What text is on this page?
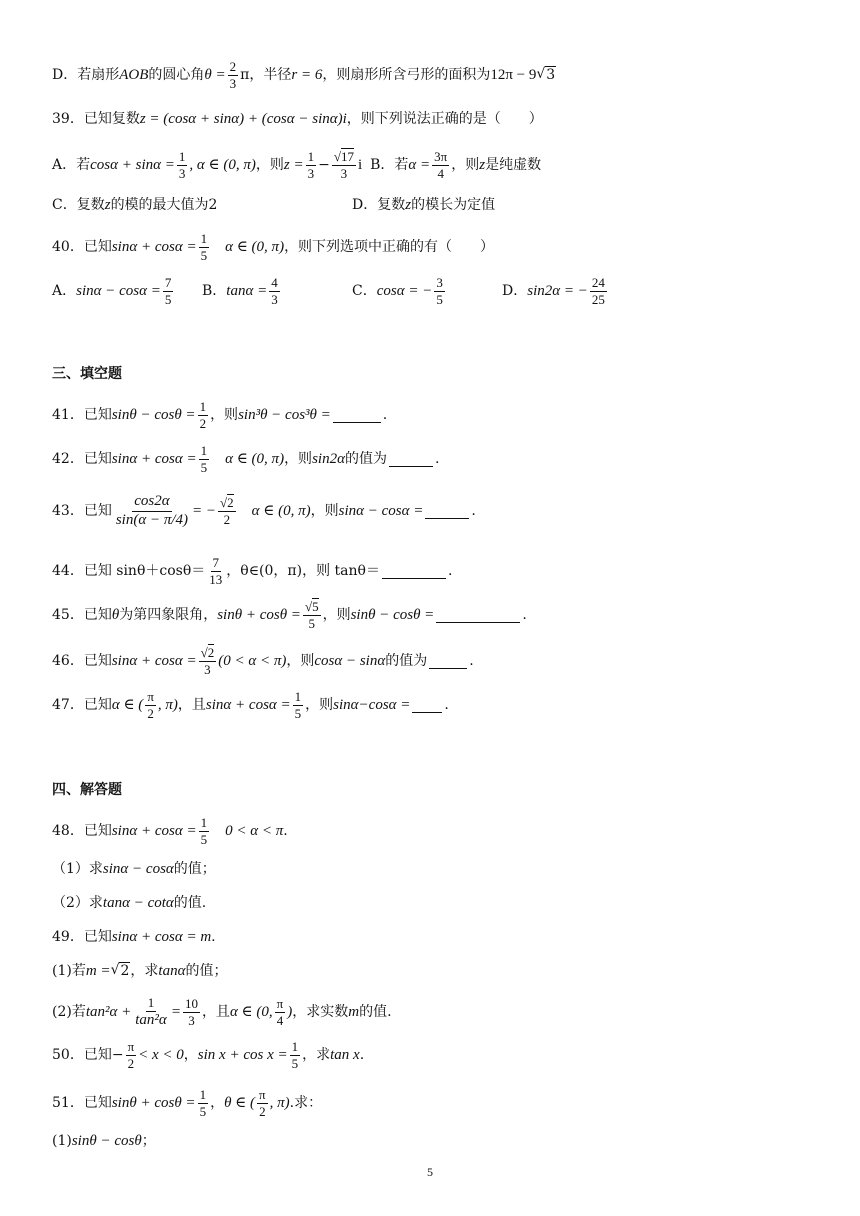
D．若扇形 AOB 的圆心角 $\theta = \frac{2}{3}$ π，半径 r = 6 ，则扇形所含弓形的面积为 12π − 9 √ 3
39．已知复数 z = (cosα + sinα) + (cosα − sinα)i ，则下列说法正确的是（　　）
A．若 $\cos\alpha + \sin\alpha = \frac{1}{3}$ , α ∈ (0, π) ，则 $z = \frac{1}{3} - \frac{√17}{3}$ i B．若 $\alpha = \frac{3\pi}{4}$ ，则 z 是纯虚数
C．复数z的模的最大值为2	D．复数z的模长为定值
40．已知 $\sin\alpha + \cos\alpha = \frac{1}{5}$ α ∈ (0, π) ，则下列选项中正确的有（　　）
A．$\sin\alpha - \cos\alpha = \frac{7}{5}$ B．$\tan\alpha = \frac{4}{3}$	C．cosα = − $\frac{3}{5}$	D．sin2α = − $\frac{24}{25}$
三、填空题
41．已知 $\sin\theta - \cos\theta = \frac{1}{2}$ ，则 sin³θ − cos³θ =	.
42．已知 $\sin\alpha + \cos\alpha = \frac{1}{5}$ α ∈ (0, π) ，则 sin2α 的值为	.
43．已知 $\frac{\cos 2\alpha}{\sin(\alpha - \pi/4)}$ = − $\frac{√2}{2}$ α ∈ (0, π) ，则 sinα − cosα =	.
44．已知 $\sin\theta+\cos\theta= \frac{7}{13}$ ，θ∈(0，π)，则 tanθ＝	.
45．已知 θ 为第四象限角， $\sin\theta + \cos\theta = \frac{√5}{5}$ ，则 sinθ − cosθ =	.
46．已知 $\sin\alpha + \cos\alpha = \frac{√2}{3} (0 < \alpha < \pi)$ ，则 cosα − sinα 的值为	.
47．已知 α ∈ ( $\frac{\pi}{2}$ , π) ，且 $\sin\alpha + \cos\alpha = \frac{1}{5}$ ，则 sinα−cosα = .
四、解答题
48．已知 $\sin\alpha + \cos\alpha = \frac{1}{5} 0 < \alpha < \pi$ .
（1）求 sinα − cosα 的值；
（2）求 tanα − cotα 的值.
49．已知 sinα + cosα = m .
(1)若 m = √ 2 ，求 tanα 的值；
(2)若 $\tan^2\alpha + \frac{1}{\text{tan²α}} = \frac{10}{3}$ ，且 α ∈ (0, $\frac{\pi}{4}$ ) ，求实数 m 的值.
50．已知 − $\frac{\pi}{2} < x < 0$ ， $\sin x + \cos x = \frac{1}{5}$ ，求 tan x .
51．已知 $\sin\theta + \cos\theta = \frac{1}{5}$ ， θ ∈ ( $\frac{\pi}{2}$ , π) .求：
(1) sinθ − cosθ ；
5
